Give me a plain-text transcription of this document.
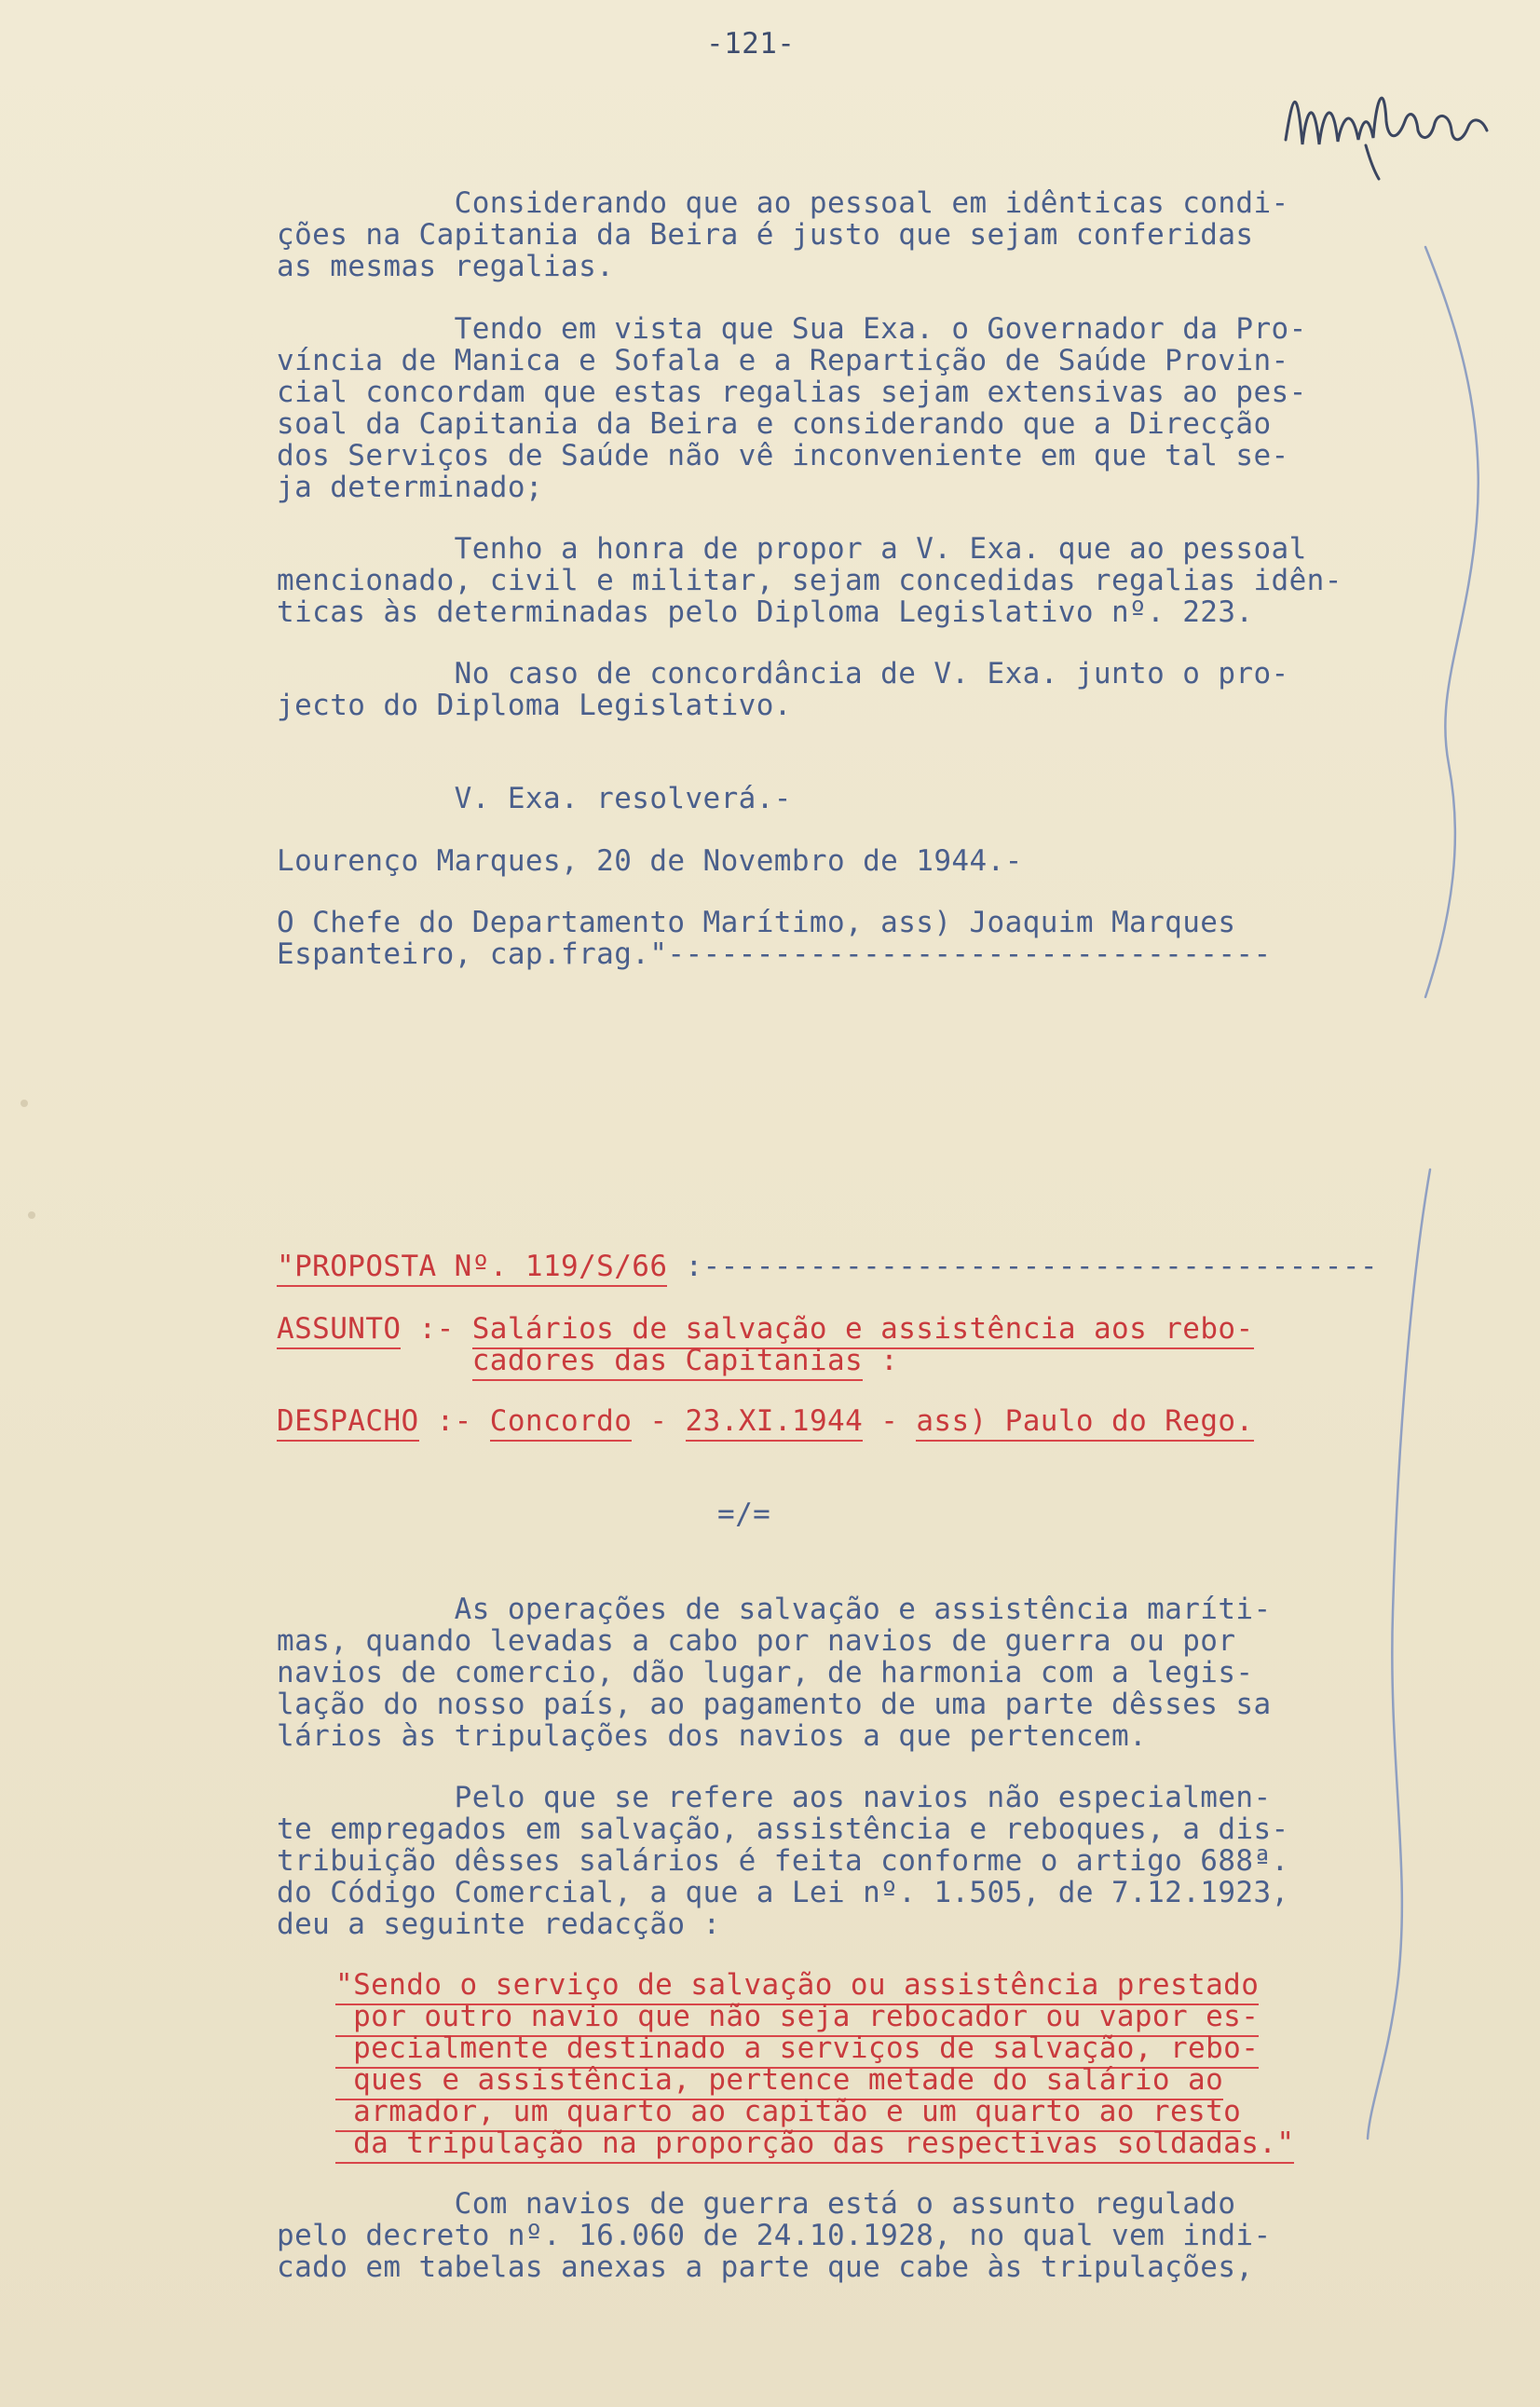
-121-
Considerando que ao pessoal em idênticas condi-
ções na Capitania da Beira é justo que sejam conferidas
as mesmas regalias.
Tendo em vista que Sua Exa. o Governador da Pro-
víncia de Manica e Sofala e a Repartição de Saúde Provin-
cial concordam que estas regalias sejam extensivas ao pes-
soal da Capitania da Beira e considerando que a Direcção
dos Serviços de Saúde não vê inconveniente em que tal se-
ja determinado;
Tenho a honra de propor a V. Exa. que ao pessoal
mencionado, civil e militar, sejam concedidas regalias idên-
ticas às determinadas pelo Diploma Legislativo nº. 223.
No caso de concordância de V. Exa. junto o pro-
jecto do Diploma Legislativo.
V. Exa. resolverá.-
Lourenço Marques, 20 de Novembro de 1944.-
O Chefe do Departamento Marítimo, ass) Joaquim Marques
Espanteiro, cap.frag."----------------------------------
"PROPOSTA Nº. 119/S/66 :--------------------------------------
ASSUNTO :- Salários de salvação e assistência aos rebo-
cadores das Capitanias :
DESPACHO :- Concordo - 23.XI.1944 - ass) Paulo do Rego.
=/=
As operações de salvação e assistência maríti-
mas, quando levadas a cabo por navios de guerra ou por
navios de comercio, dão lugar, de harmonia com a legis-
lação do nosso país, ao pagamento de uma parte dêsses sa
lários às tripulações dos navios a que pertencem.
Pelo que se refere aos navios não especialmen-
te empregados em salvação, assistência e reboques, a dis-
tribuição dêsses salários é feita conforme o artigo 688ª.
do Código Comercial, a que a Lei nº. 1.505, de 7.12.1923,
deu a seguinte redacção :
"Sendo o serviço de salvação ou assistência prestado
por outro navio que não seja rebocador ou vapor es-
pecialmente destinado a serviços de salvação, rebo-
ques e assistência, pertence metade do salário ao
armador, um quarto ao capitão e um quarto ao resto
da tripulação na proporção das respectivas soldadas."
Com navios de guerra está o assunto regulado
pelo decreto nº. 16.060 de 24.10.1928, no qual vem indi-
cado em tabelas anexas a parte que cabe às tripulações,
